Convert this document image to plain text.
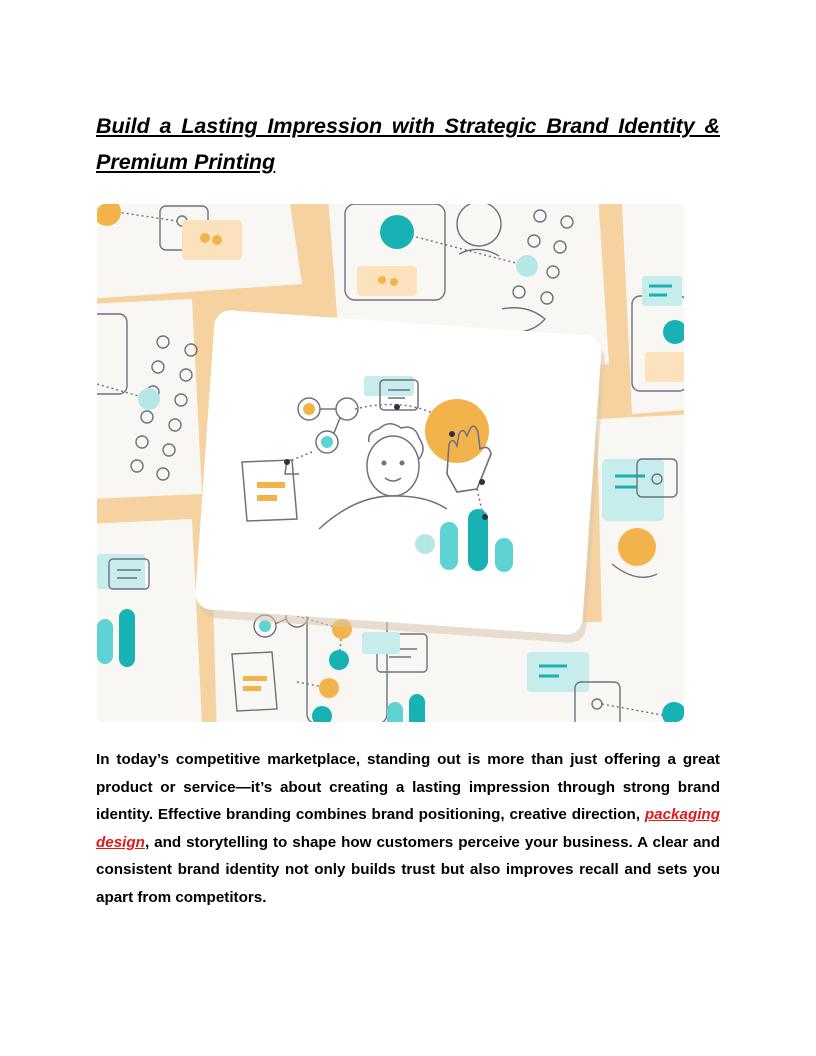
Build a Lasting Impression with Strategic Brand Identity & Premium Printing

In today’s competitive marketplace, standing out is more than just offering a great product or service—it’s about creating a lasting impression through strong brand identity. Effective branding combines brand positioning, creative direction, packaging design, and storytelling to shape how customers perceive your business. A clear and consistent brand identity not only builds trust but also improves recall and sets you apart from competitors.
